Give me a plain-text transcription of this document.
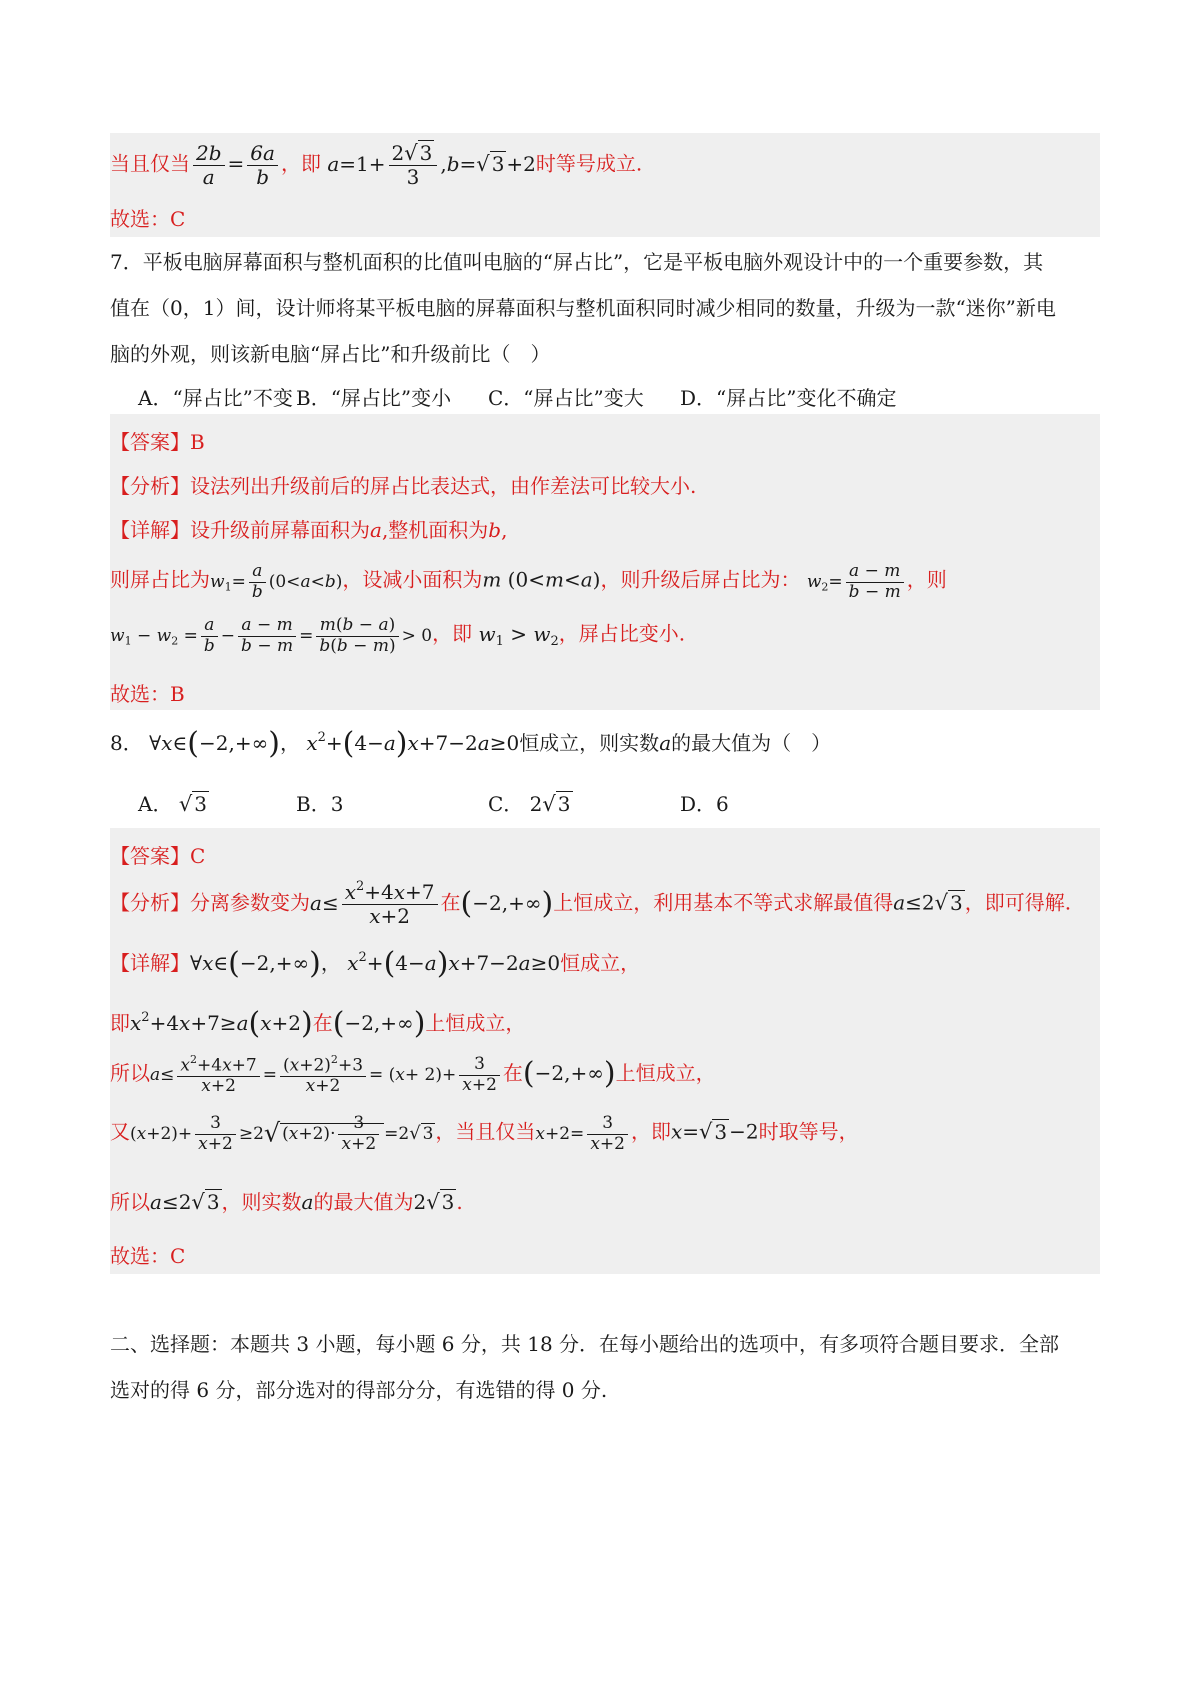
当且仅当 $\frac{2b}{a} = \frac{6a}{b}$ ，即 $a=1+ \frac{2√ 3}{3} ,b=√$ 3 +2时等号成立.
故选：C
7．平板电脑屏幕面积与整机面积的比值叫电脑的“屏占比”，它是平板电脑外观设计中的一个重要参数，其
值在（0，1）间，设计师将某平板电脑的屏幕面积与整机面积同时减少相同的数量，升级为一款“迷你”新电
脑的外观，则该新电脑“屏占比”和升级前比（　）
A．“屏占比”不变 B．“屏占比”变小 C．“屏占比”变大 D．“屏占比”变化不确定
【答案】B
【分析】设法列出升级前后的屏占比表达式，由作差法可比较大小.
【详解】设升级前屏幕面积为a,整机面积为b,
则屏占比为$w_1= \frac{a}{b} (0<a<b)$，设减小面积为m (0<m<a)，则升级后屏占比为： $w_2= \frac{a - m}{b - m}$ ，则
$w_1 - w_2 = \frac{a}{b} - \frac{a - m}{b - m} = \frac{m(b - a)}{b(b - m)} > 0$，即 $w_1 > w_2$，屏占比变小.
故选：B
8． ∀x∈(−2,+∞)， $x^2+(4-a)x+7-2a\ge 0$恒成立，则实数a的最大值为（　）
A． √ 3	B．3	C． 2√ 3	D．6
【答案】C
【分析】分离参数变为$a\le \frac{x^2+4x+7}{x+2}$ 在(−2,+∞)上恒成立，利用基本不等式求解最值得a≤2√ 3 ，即可得解.
【详解】∀x∈(−2,+∞)， $x^2+(4-a)x+7-2a\ge 0$恒成立，
即$x^2+4x+7\ge a(x+2)$在(−2,+∞)上恒成立，
所以$a\le \frac{x^2+4x+7}{x+2} = \frac{(x+2)^2+3}{x+2} = (x+ 2)+ \frac{3}{x+2}$ 在(−2,+∞)上恒成立，
又$(x+2)+ \frac{3}{x+2} \ge 2√$ $(x+2)\cdot \frac{3}{x+2} =2√$ 3 ，当且仅当$x+2= \frac{3}{x+2}$ ，即x=√ 3 −2时取等号，
所以a≤2√ 3 ，则实数a的最大值为2√ 3 .
故选：C
二、选择题：本题共 3 小题，每小题 6 分，共 18 分．在每小题给出的选项中，有多项符合题目要求．全部
选对的得 6 分，部分选对的得部分分，有选错的得 0 分.
